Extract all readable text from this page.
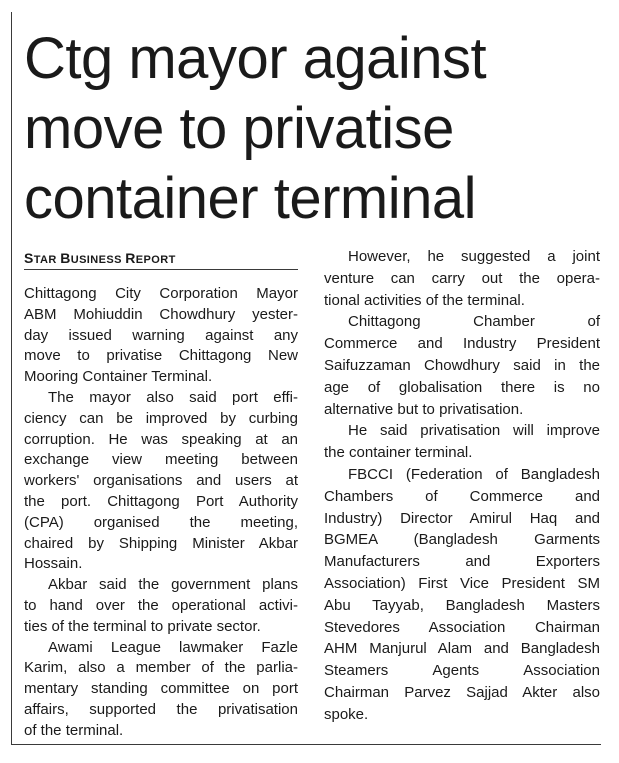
Ctg mayor against
move to privatise
container terminal
STAR BUSINESS REPORT
Chittagong City Corporation Mayor
ABM Mohiuddin Chowdhury yester-
day issued warning against any
move to privatise Chittagong New
Mooring Container Terminal.
The mayor also said port effi-
ciency can be improved by curbing
corruption. He was speaking at an
exchange view meeting between
workers' organisations and users at
the port. Chittagong Port Authority
(CPA) organised the meeting,
chaired by Shipping Minister Akbar
Hossain.
Akbar said the government plans
to hand over the operational activi-
ties of the terminal to private sector.
Awami League lawmaker Fazle
Karim, also a member of the parlia-
mentary standing committee on port
affairs, supported the privatisation
of the terminal.
However, he suggested a joint
venture can carry out the opera-
tional activities of the terminal.
Chittagong Chamber of
Commerce and Industry President
Saifuzzaman Chowdhury said in the
age of globalisation there is no
alternative but to privatisation.
He said privatisation will improve
the container terminal.
FBCCI (Federation of Bangladesh
Chambers of Commerce and
Industry) Director Amirul Haq and
BGMEA (Bangladesh Garments
Manufacturers and Exporters
Association) First Vice President SM
Abu Tayyab, Bangladesh Masters
Stevedores Association Chairman
AHM Manjurul Alam and Bangladesh
Steamers Agents Association
Chairman Parvez Sajjad Akter also
spoke.
